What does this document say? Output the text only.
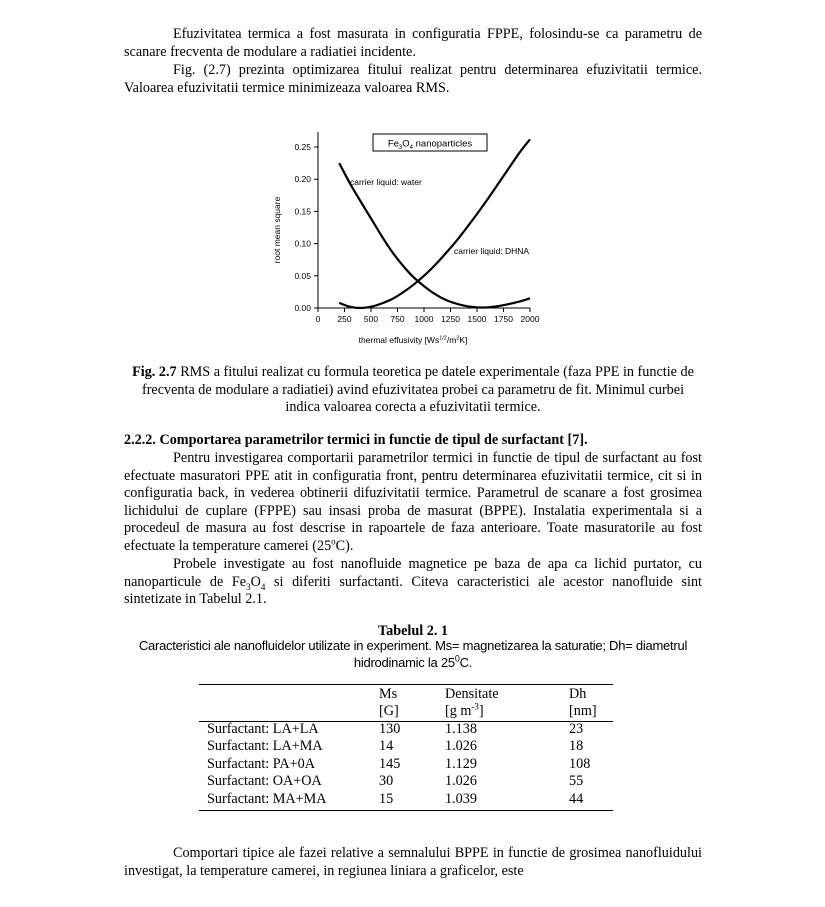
Efuzivitatea termica a fost masurata in configuratia FPPE, folosindu-se ca parametru de scanare frecventa de modulare a radiatiei incidente.

Fig. (2.7) prezinta optimizarea fitului realizat pentru determinarea efuzivitatii termice. Valoarea efuzivitatii termice minimizeaza valoarea RMS.

0 250 500 750 1000 1250 1500 1750 2000
0.00
0.05
0.10
0.15
0.20
0.25	$Fe_3O_4$ nanoparticles
carrier liquid: water
carrier liquid: DHNA
root mean square
thermal effusivity $[Ws^{1/2}/m^2K]$

Fig. 2.7 RMS a fitului realizat cu formula teoretica pe datele experimentale (faza PPE in functie de frecventa de modulare a radiatiei) avind efuzivitatea probei ca parametru de fit. Minimul curbei indica valoarea corecta a efuzivitatii termice.

2.2.2. Comportarea parametrilor termici in functie de tipul de surfactant [7].

Pentru investigarea comportarii parametrilor termici in functie de tipul de surfactant au fost efectuate masuratori PPE atit in configuratia front, pentru determinarea efuzivitatii termice, cit si in configuratia back, in vederea obtinerii difuzivitatii termice. Parametrul de scanare a fost grosimea lichidului de cuplare (FPPE) sau insasi proba de masurat (BPPE). Instalatia experimentala si a procedeul de masura au fost descrise in rapoartele de faza anterioare. Toate masuratorile au fost efectuate la temperature camerei (25$^o$C).

Probele investigate au fost nanofluide magnetice pe baza de apa ca lichid purtator, cu nanoparticule de $Fe_3O_4$ si diferiti surfactanti. Citeva caracteristici ale acestor nanofluide sint sintetizate in Tabelul 2.1.

Tabelul 2. 1

Caracteristici ale nanofluidelor utilizate in experiment. Ms= magnetizarea la saturatie; Dh= diametrul hidrodinamic la $25^0C$.

	Ms	Densitate	Dh
	[G]	[g $m^{-3}$]	[nm]

Surfactant: LA+LA	130	1.138	23
Surfactant: LA+MA	14	1.026	18
Surfactant: PA+0A	145	1.129	108
Surfactant: OA+OA	30	1.026	55
Surfactant: MA+MA	15	1.039	44

Comportari tipice ale fazei relative a semnalului BPPE in functie de grosimea nanofluidului investigat, la temperature camerei, in regiunea liniara a graficelor, este
